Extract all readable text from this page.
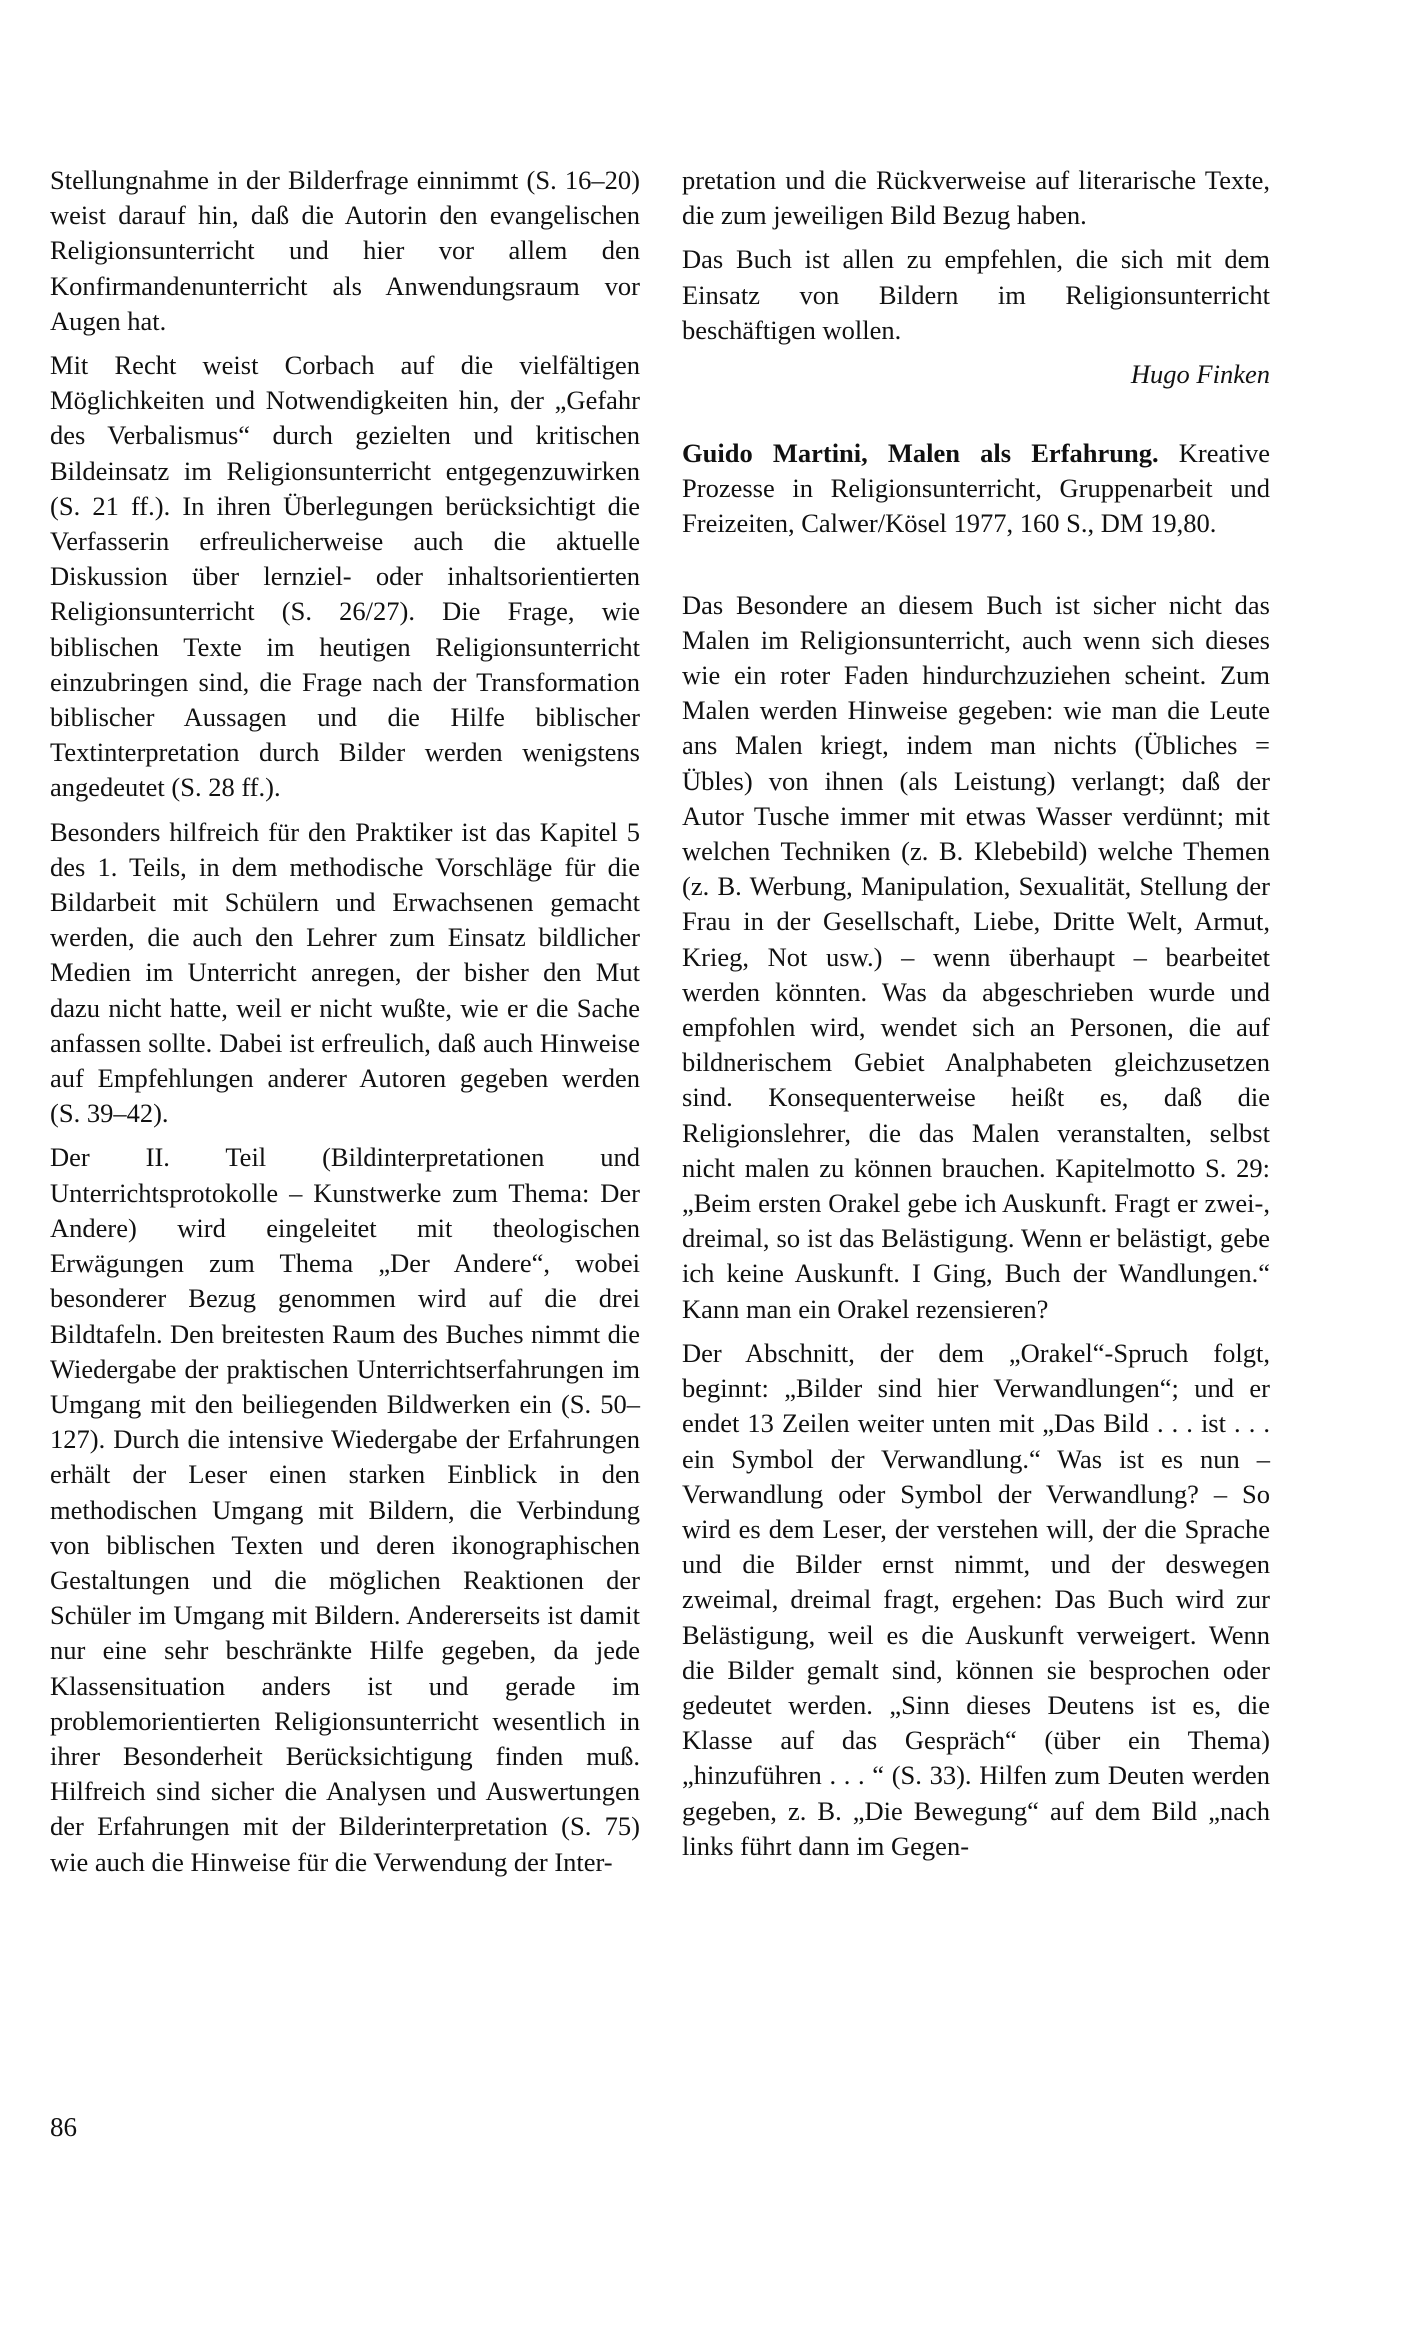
Stellungnahme in der Bilderfrage einnimmt (S. 16–20) weist darauf hin, daß die Autorin den evangelischen Religionsunterricht und hier vor allem den Konfirmandenunterricht als Anwendungsraum vor Augen hat.

Mit Recht weist Corbach auf die vielfältigen Möglichkeiten und Notwendigkeiten hin, der „Gefahr des Verbalismus“ durch gezielten und kritischen Bildeinsatz im Religionsunterricht entgegenzuwirken (S. 21 ff.). In ihren Überlegungen berücksichtigt die Verfasserin erfreulicherweise auch die aktuelle Diskussion über lernziel- oder inhaltsorientierten Religionsunterricht (S. 26/27). Die Frage, wie biblischen Texte im heutigen Religionsunterricht einzubringen sind, die Frage nach der Transformation biblischer Aussagen und die Hilfe biblischer Textinterpretation durch Bilder werden wenigstens angedeutet (S. 28 ff.).

Besonders hilfreich für den Praktiker ist das Kapitel 5 des 1. Teils, in dem methodische Vorschläge für die Bildarbeit mit Schülern und Erwachsenen gemacht werden, die auch den Lehrer zum Einsatz bildlicher Medien im Unterricht anregen, der bisher den Mut dazu nicht hatte, weil er nicht wußte, wie er die Sache anfassen sollte. Dabei ist erfreulich, daß auch Hinweise auf Empfehlungen anderer Autoren gegeben werden (S. 39–42).

Der II. Teil (Bildinterpretationen und Unterrichtsprotokolle – Kunstwerke zum Thema: Der Andere) wird eingeleitet mit theologischen Erwägungen zum Thema „Der Andere“, wobei besonderer Bezug genommen wird auf die drei Bildtafeln. Den breitesten Raum des Buches nimmt die Wiedergabe der praktischen Unterrichtserfahrungen im Umgang mit den beiliegenden Bildwerken ein (S. 50–127). Durch die intensive Wiedergabe der Erfahrungen erhält der Leser einen starken Einblick in den methodischen Umgang mit Bildern, die Verbindung von biblischen Texten und deren ikonographischen Gestaltungen und die möglichen Reaktionen der Schüler im Umgang mit Bildern. Andererseits ist damit nur eine sehr beschränkte Hilfe gegeben, da jede Klassensituation anders ist und gerade im problemorientierten Religionsunterricht wesentlich in ihrer Besonderheit Berücksichtigung finden muß. Hilfreich sind sicher die Analysen und Auswertungen der Erfahrungen mit der Bilderinterpretation (S. 75) wie auch die Hinweise für die Verwendung der Inter-

pretation und die Rückverweise auf literarische Texte, die zum jeweiligen Bild Bezug haben.

Das Buch ist allen zu empfehlen, die sich mit dem Einsatz von Bildern im Religionsunterricht beschäftigen wollen.

Hugo Finken

Guido Martini, Malen als Erfahrung. Kreative Prozesse in Religionsunterricht, Gruppenarbeit und Freizeiten, Calwer/Kösel 1977, 160 S., DM 19,80.

Das Besondere an diesem Buch ist sicher nicht das Malen im Religionsunterricht, auch wenn sich dieses wie ein roter Faden hindurchzuziehen scheint. Zum Malen werden Hinweise gegeben: wie man die Leute ans Malen kriegt, indem man nichts (Übliches = Übles) von ihnen (als Leistung) verlangt; daß der Autor Tusche immer mit etwas Wasser verdünnt; mit welchen Techniken (z. B. Klebebild) welche Themen (z. B. Werbung, Manipulation, Sexualität, Stellung der Frau in der Gesellschaft, Liebe, Dritte Welt, Armut, Krieg, Not usw.) – wenn überhaupt – bearbeitet werden könnten. Was da abgeschrieben wurde und empfohlen wird, wendet sich an Personen, die auf bildnerischem Gebiet Analphabeten gleichzusetzen sind. Konsequenterweise heißt es, daß die Religionslehrer, die das Malen veranstalten, selbst nicht malen zu können brauchen. Kapitelmotto S. 29: „Beim ersten Orakel gebe ich Auskunft. Fragt er zwei-, dreimal, so ist das Belästigung. Wenn er belästigt, gebe ich keine Auskunft. I Ging, Buch der Wandlungen.“ Kann man ein Orakel rezensieren?

Der Abschnitt, der dem „Orakel“-Spruch folgt, beginnt: „Bilder sind hier Verwandlungen“; und er endet 13 Zeilen weiter unten mit „Das Bild . . . ist . . . ein Symbol der Verwandlung.“ Was ist es nun – Verwandlung oder Symbol der Verwandlung? – So wird es dem Leser, der verstehen will, der die Sprache und die Bilder ernst nimmt, und der deswegen zweimal, dreimal fragt, ergehen: Das Buch wird zur Belästigung, weil es die Auskunft verweigert. Wenn die Bilder gemalt sind, können sie besprochen oder gedeutet werden. „Sinn dieses Deutens ist es, die Klasse auf das Gespräch“ (über ein Thema) „hinzuführen . . . “ (S. 33). Hilfen zum Deuten werden gegeben, z. B. „Die Bewegung“ auf dem Bild „nach links führt dann im Gegen-

86
